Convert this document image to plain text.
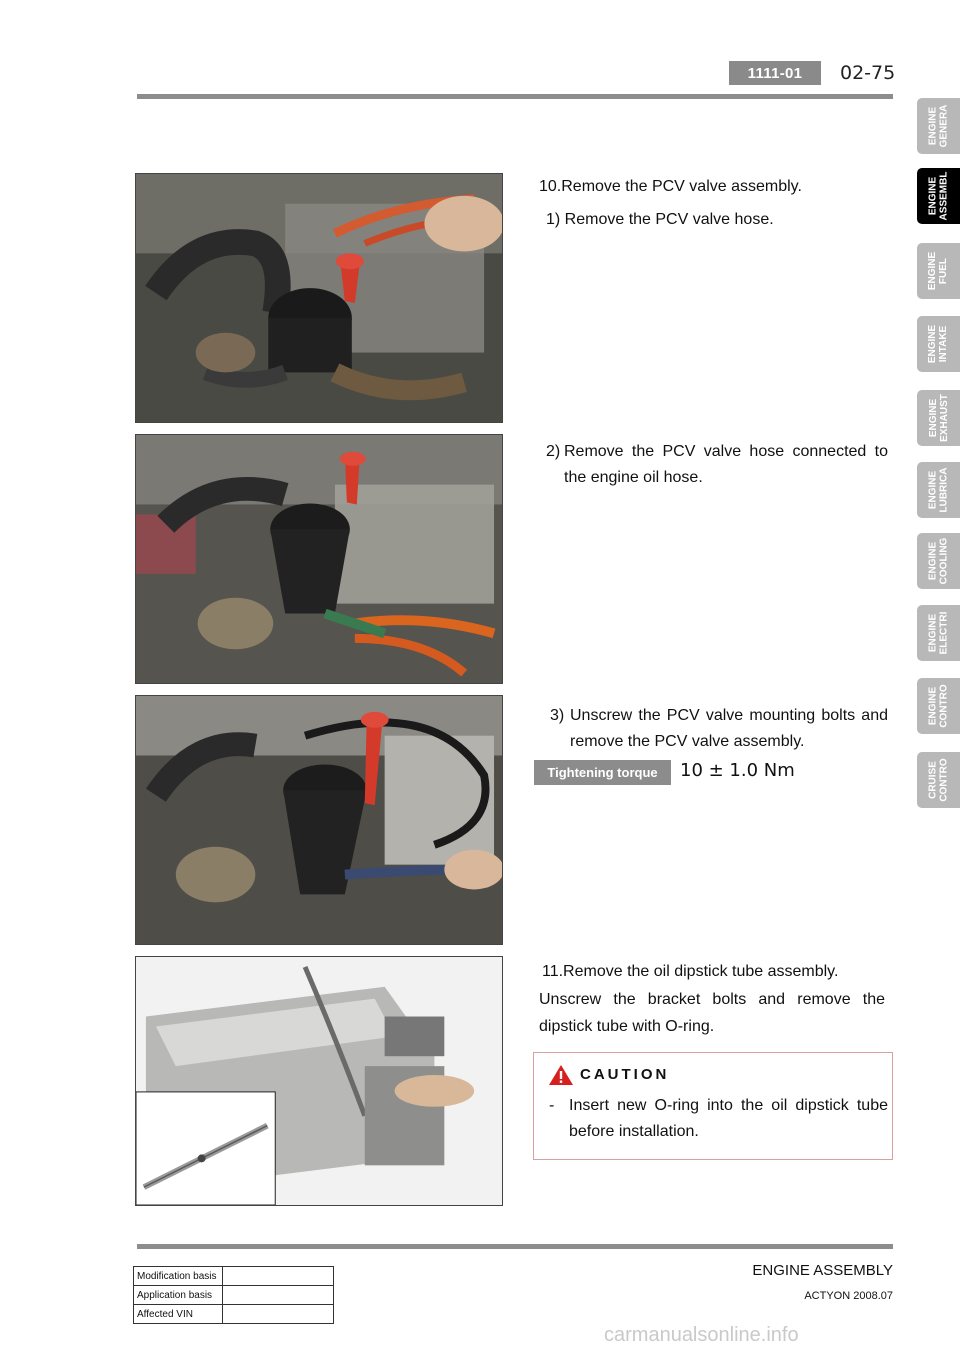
1111-01	02-75
ENGINE GENERA
ENGINE ASSEMBL
ENGINE FUEL
ENGINE INTAKE
ENGINE EXHAUST
ENGINE LUBRICA
ENGINE COOLING
ENGINE ELECTRI
ENGINE CONTRO
CRUISE CONTRO
10.Remove the PCV valve assembly.
1) Remove the PCV valve hose.
2) Remove the PCV valve hose connected to the engine oil hose.
3) Unscrew the PCV valve mounting bolts and remove the PCV valve assembly.
Tightening torque	10 ± 1.0 Nm
11.Remove the oil dipstick tube assembly.
Unscrew the bracket bolts and remove the dipstick tube with O-ring.
CAUTION
- Insert new O-ring into the oil dipstick tube before installation.
ENGINE ASSEMBLY
ACTYON 2008.07
Modification basis	
Application basis	
Affected VIN	
carmanualsonline.info
